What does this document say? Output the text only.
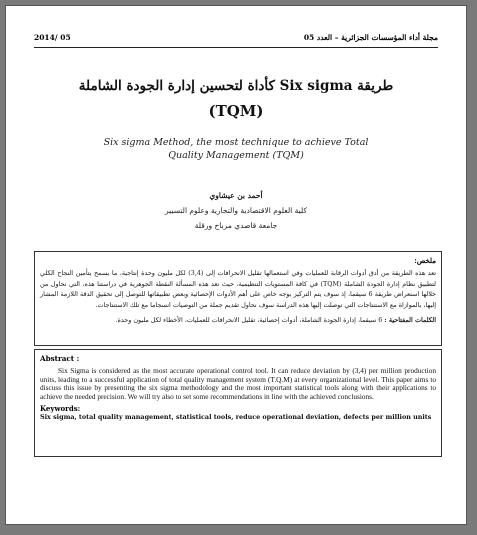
مجلة أداء المؤسسات الجزائرية – العدد 05
2014/ 05
طريقة Six sigma كأداة لتحسين إدارة الجودة الشاملة
(TQM)
Six sigma Method, the most technique to achieve Total
Quality Management (TQM)
أحمد بن عيشاوي
كلية العلوم الاقتصادية والتجارية وعلوم التسيير
جامعة قاصدي مرباح ورقلة
ملخص:
تعد هذه الطريقة من أدق أدوات الرقابة للعمليات وفي استعمالها تقليل الانحرافات إلى (3,4) لكل مليون وحدة إنتاجية، ما يسمح بتأمين النجاح الكلي لتطبيق نظام إدارة الجودة الشاملة (TQM) في كافة المستويات التنظيمية، حيث تعد هذه المسألة النقطة الجوهرية في دراستنا هذه، التي نحاول من خلالها استعراض طريقة 6 سيقما، إذ سوف يتم التركيز بوجه خاص على أهم الأدوات الإحصائية وبعض تطبيقاتها للتوصل إلى تحقيق الدقة اللازمة المشار إليها، بالموازاة مع الاستنتاجات التي توصلت إليها هذه الدراسة سوف نحاول تقديم جملة من التوصيات انسجاما مع تلك الاستنتاجات.
الكلمات المفتاحية : 6 سيقما، إدارة الجودة الشاملة، أدوات إحصائية، تقليل الانحرافات للعمليات، الأخطاء لكل مليون وحدة.
Abstract :
Six Sigma is considered as the most accurate operational control tool. It can reduce deviation by (3,4) per million production units, leading to a successful application of total quality management system (T.Q.M) at every organizational level. This paper aims to discuss this issue by presenting the six sigma methodology and the most important statistical tools along with their applications to achieve the needed precision. We will try also to set some recommendations in line with the achieved conclusions.
Keywords:
Six sigma, total quality management, statistical tools, reduce operational deviation, defects per million units
